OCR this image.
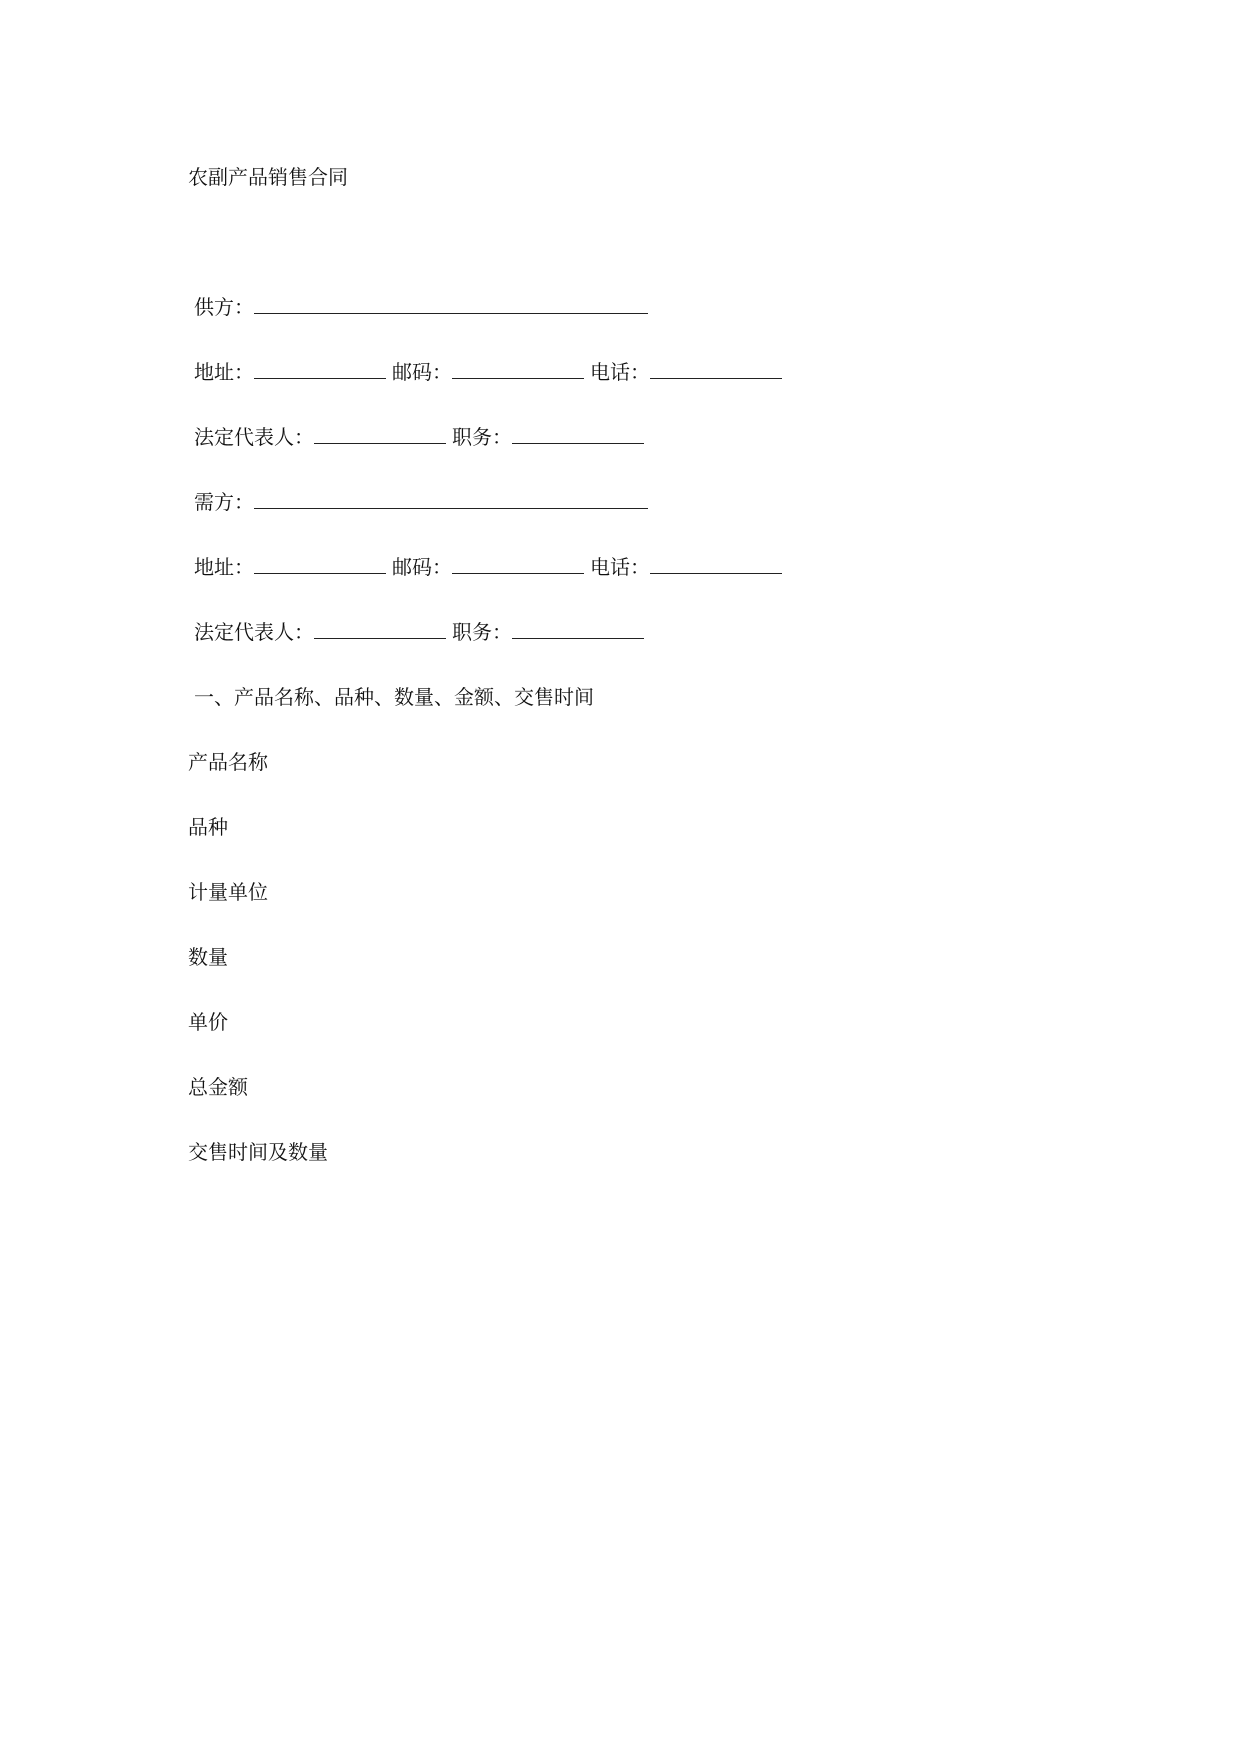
农副产品销售合同
供方：
地址：	邮码：	电话：
法定代表人：	职务：
需方：
地址：	邮码：	电话：
法定代表人：	职务：
一、产品名称、品种、数量、金额、交售时间
产品名称
品种
计量单位
数量
单价
总金额
交售时间及数量
